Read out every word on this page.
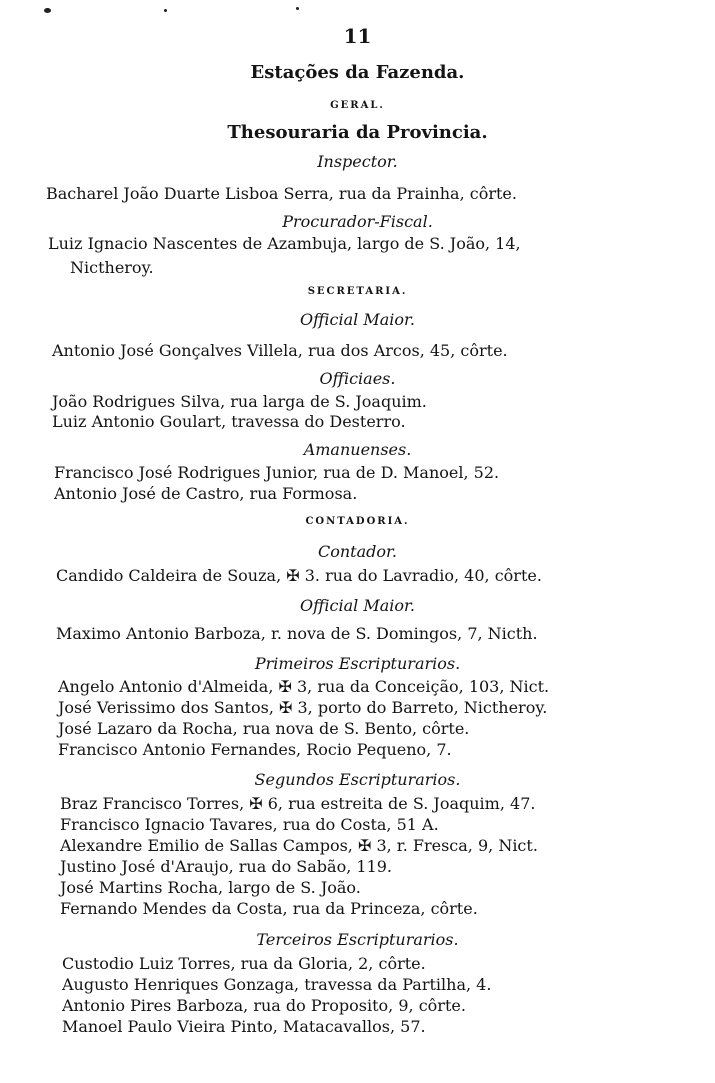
11
Estações da Fazenda.
GERAL.
Thesouraria da Provincia.
Inspector.
Bacharel João Duarte Lisboa Serra, rua da Prainha, côrte.
Procurador-Fiscal.
Luiz Ignacio Nascentes de Azambuja, largo de S. João, 14,
Nictheroy.
SECRETARIA.
Official Maior.
Antonio José Gonçalves Villela, rua dos Arcos, 45, côrte.
Officiaes.
João Rodrigues Silva, rua larga de S. Joaquim.
Luiz Antonio Goulart, travessa do Desterro.
Amanuenses.
Francisco José Rodrigues Junior, rua de D. Manoel, 52.
Antonio José de Castro, rua Formosa.
CONTADORIA.
Contador.
Candido Caldeira de Souza, ✠ 3. rua do Lavradio, 40, côrte.
Official Maior.
Maximo Antonio Barboza, r. nova de S. Domingos, 7, Nicth.
Primeiros Escripturarios.
Angelo Antonio d'Almeida, ✠ 3, rua da Conceição, 103, Nict.
José Verissimo dos Santos, ✠ 3, porto do Barreto, Nictheroy.
José Lazaro da Rocha, rua nova de S. Bento, côrte.
Francisco Antonio Fernandes, Rocio Pequeno, 7.
Segundos Escripturarios.
Braz Francisco Torres, ✠ 6, rua estreita de S. Joaquim, 47.
Francisco Ignacio Tavares, rua do Costa, 51 A.
Alexandre Emilio de Sallas Campos, ✠ 3, r. Fresca, 9, Nict.
Justino José d'Araujo, rua do Sabão, 119.
José Martins Rocha, largo de S. João.
Fernando Mendes da Costa, rua da Princeza, côrte.
Terceiros Escripturarios.
Custodio Luiz Torres, rua da Gloria, 2, côrte.
Augusto Henriques Gonzaga, travessa da Partilha, 4.
Antonio Pires Barboza, rua do Proposito, 9, côrte.
Manoel Paulo Vieira Pinto, Matacavallos, 57.
